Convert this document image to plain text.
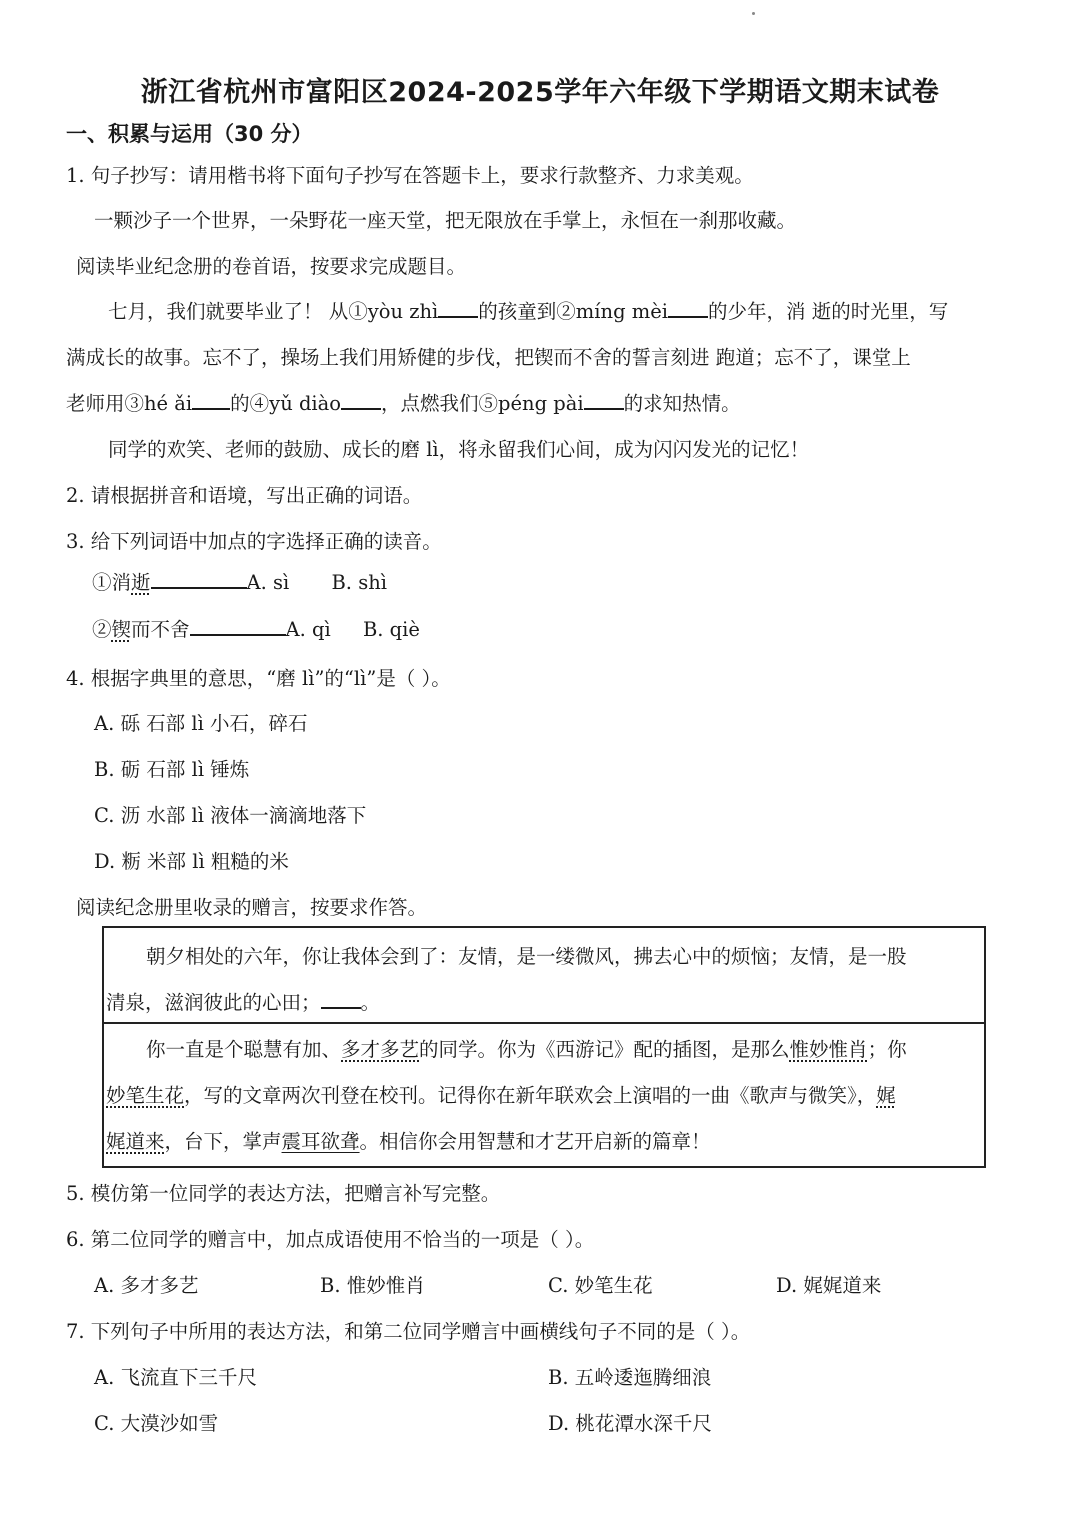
浙江省杭州市富阳区2024-2025学年六年级下学期语文期末试卷
一、积累与运用（30 分）
1. 句子抄写：请用楷书将下面句子抄写在答题卡上，要求行款整齐、力求美观。
一颗沙子一个世界，一朵野花一座天堂，把无限放在手掌上，永恒在一刹那收藏。
阅读毕业纪念册的卷首语，按要求完成题目。
七月，我们就要毕业了！ 从①yòu zhì 的孩童到②míng mèi 的少年，消 逝的时光里，写
满成长的故事。忘不了，操场上我们用矫健的步伐，把锲而不舍的誓言刻进 跑道；忘不了，课堂上
老师用③hé ǎi 的④yǔ diào ，点燃我们⑤péng pài 的求知热情。
同学的欢笑、老师的鼓励、成长的磨 lì，将永留我们心间，成为闪闪发光的记忆！
2. 请根据拼音和语境，写出正确的词语。
3. 给下列词语中加点的字选择正确的读音。
①消逝	A. sì B. shì
②锲而不舍	A. qì B. qiè
4. 根据字典里的意思，“磨 lì”的“lì”是（ ）。
A. 砾 石部 lì 小石，碎石
B. 砺 石部 lì 锤炼
C. 沥 水部 lì 液体一滴滴地落下
D. 粝 米部 lì 粗糙的米
阅读纪念册里收录的赠言，按要求作答。
朝夕相处的六年，你让我体会到了：友情，是一缕微风，拂去心中的烦恼；友情，是一股
清泉，滋润彼此的心田； 。
你一直是个聪慧有加、多才多艺的同学。你为《西游记》配的插图，是那么惟妙惟肖；你
妙笔生花，写的文章两次刊登在校刊。记得你在新年联欢会上演唱的一曲《歌声与微笑》，娓
娓道来，台下，掌声震耳欲聋。相信你会用智慧和才艺开启新的篇章！
5. 模仿第一位同学的表达方法，把赠言补写完整。
6. 第二位同学的赠言中，加点成语使用不恰当的一项是（ ）。
A. 多才多艺	B. 惟妙惟肖	C. 妙笔生花	D. 娓娓道来
7. 下列句子中所用的表达方法，和第二位同学赠言中画横线句子不同的是（ ）。
A. 飞流直下三千尺	B. 五岭逶迤腾细浪
C. 大漠沙如雪	D. 桃花潭水深千尺
